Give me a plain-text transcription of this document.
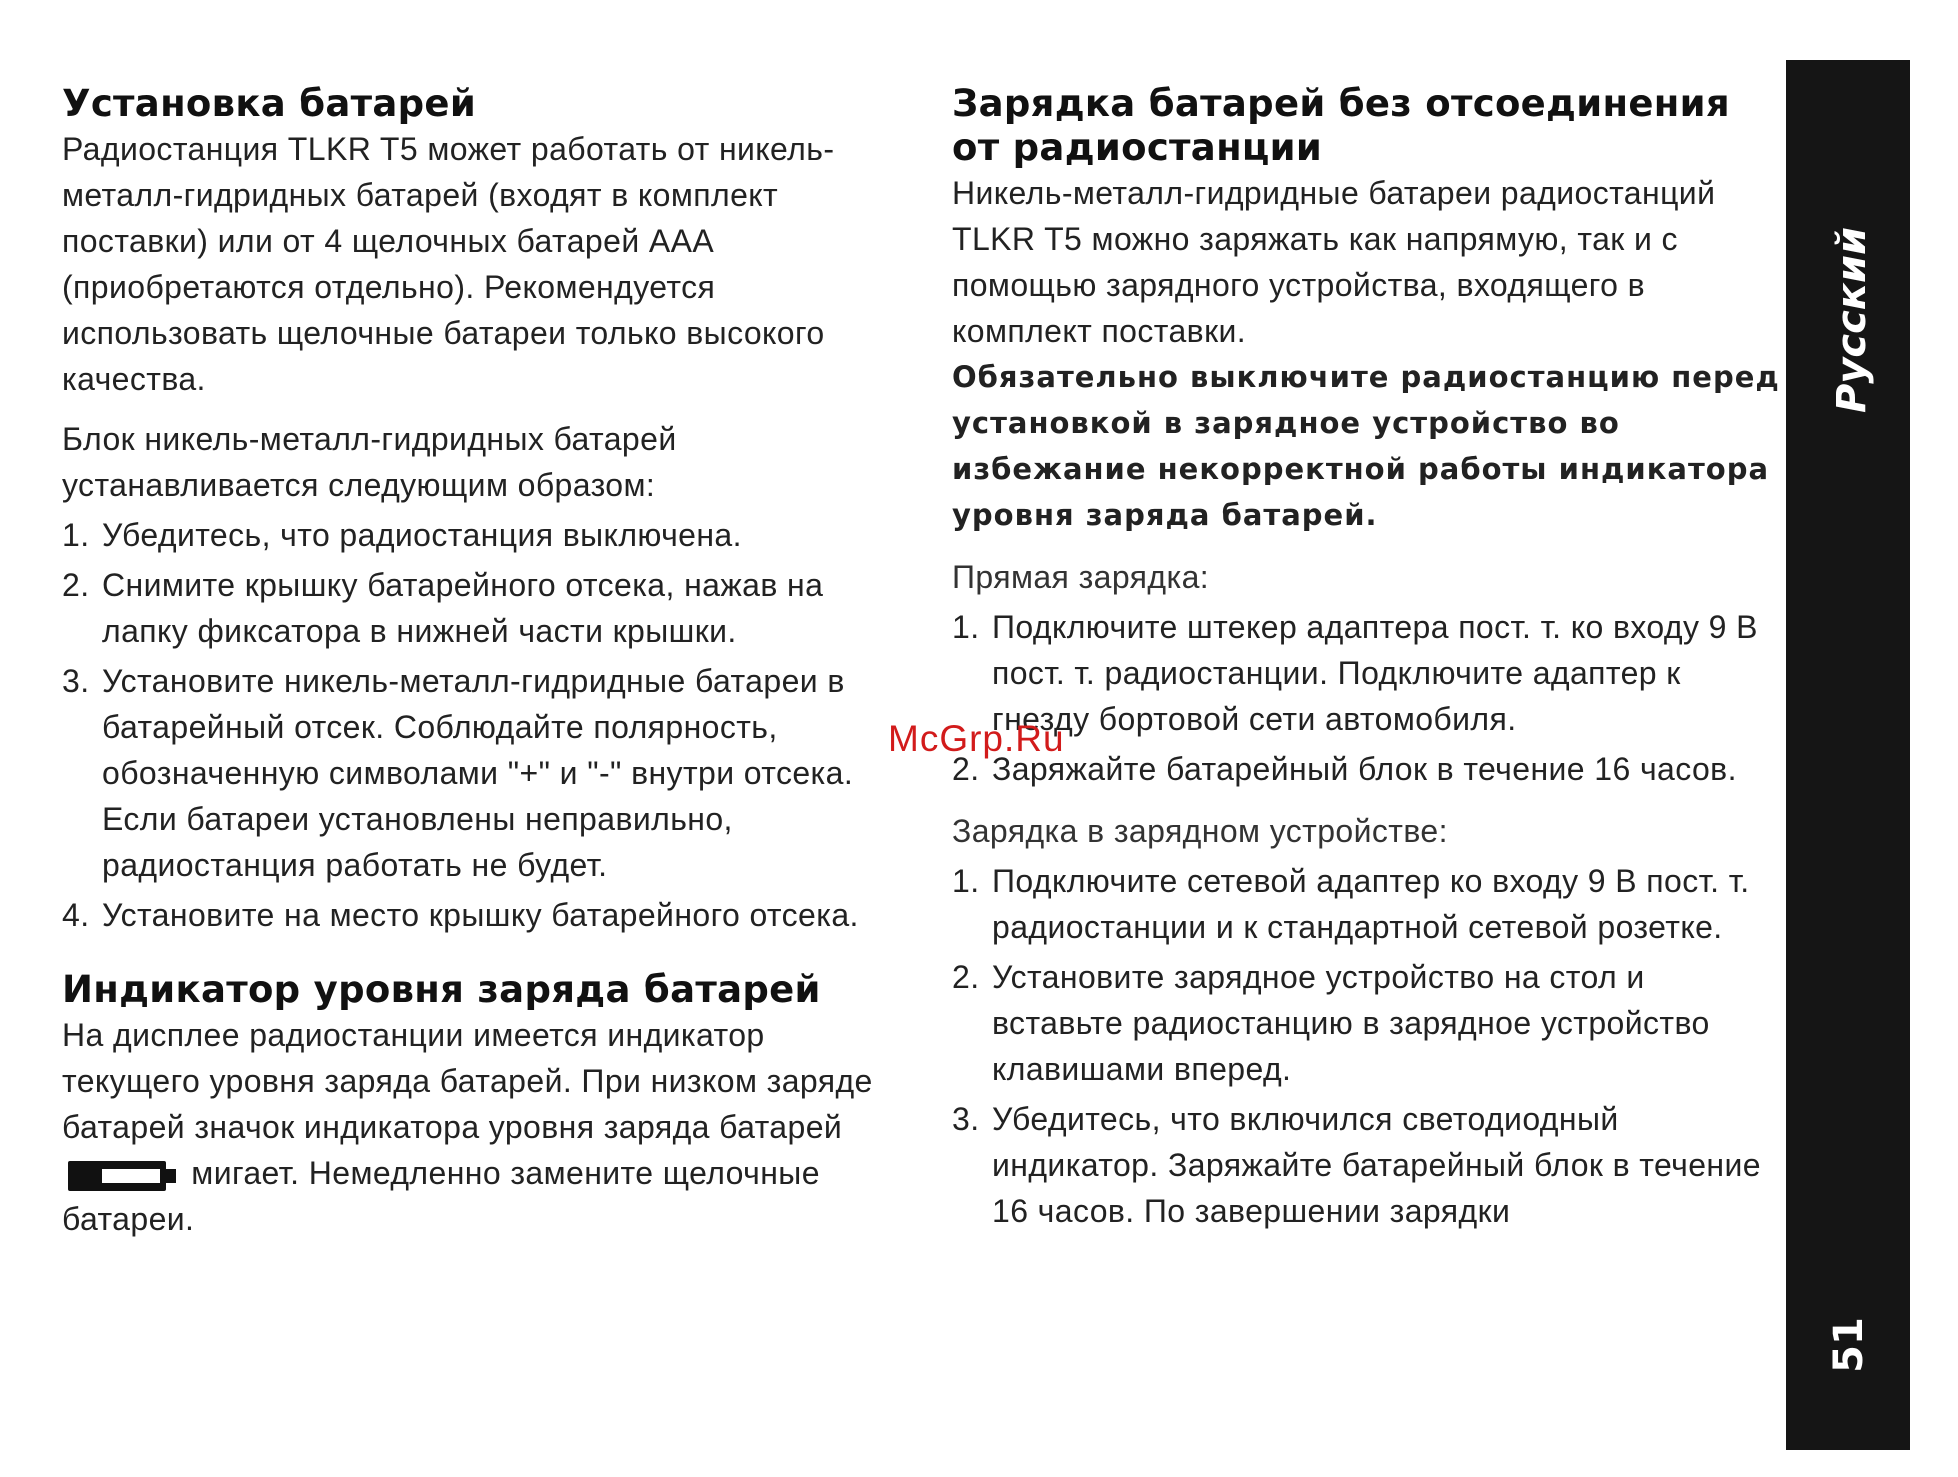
Установка батарей

Радиостанция TLKR T5 может работать от никель-металл-гидридных батарей (входят в комплект поставки) или от 4 щелочных батарей AAA (приобретаются отдельно). Рекомендуется использовать щелочные батареи только высокого качества.

Блок никель-металл-гидридных батарей устанавливается следующим образом:

1. Убедитесь, что радиостанция выключена.
2. Снимите крышку батарейного отсека, нажав на лапку фиксатора в нижней части крышки.
3. Установите никель-металл-гидридные батареи в батарейный отсек. Соблюдайте полярность, обозначенную символами "+" и "-" внутри отсека. Если батареи установлены неправильно, радиостанция работать не будет.
4. Установите на место крышку батарейного отсека.
Индикатор уровня заряда батарей

На дисплее радиостанции имеется индикатор текущего уровня заряда батарей. При низком заряде батарей значок индикатора уровня заряда батарей
мигает. Немедленно замените щелочные батареи.

Зарядка батарей без отсоединения от радиостанции

Никель-металл-гидридные батареи радиостанций TLKR T5 можно заряжать как напрямую, так и с помощью зарядного устройства, входящего в комплект поставки.

Обязательно выключите радиостанцию перед установкой в зарядное устройство во избежание некорректной работы индикатора уровня заряда батарей.

Прямая зарядка:

1. Подключите штекер адаптера пост. т. ко входу 9 В пост. т. радиостанции. Подключите адаптер к гнезду бортовой сети автомобиля.
2. Заряжайте батарейный блок в течение 16 часов.

Зарядка в зарядном устройстве:

1. Подключите сетевой адаптер ко входу 9 В пост. т. радиостанции и к стандартной сетевой розетке.
2. Установите зарядное устройство на стол и вставьте радиостанцию в зарядное устройство клавишами вперед.
3. Убедитесь, что включился светодиодный индикатор. Заряжайте батарейный блок в течение 16 часов. По завершении зарядки
McGrp.Ru
Русский
51
